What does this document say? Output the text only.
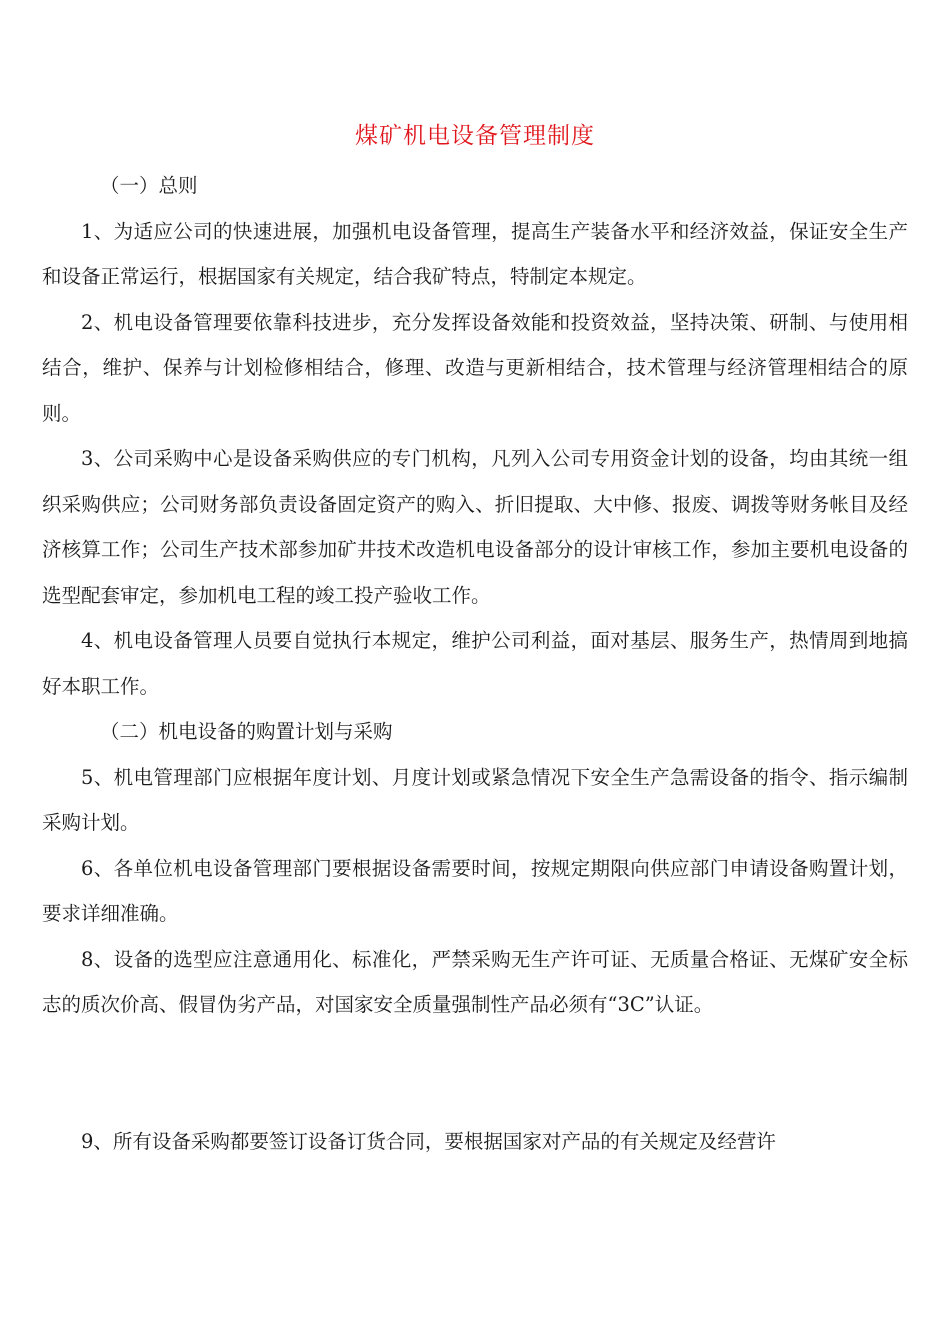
煤矿机电设备管理制度

（一）总则

1、为适应公司的快速进展，加强机电设备管理，提高生产装备水平和经济效益，保证安全生产和设备正常运行，根据国家有关规定，结合我矿特点，特制定本规定。

2、机电设备管理要依靠科技进步，充分发挥设备效能和投资效益，坚持决策、研制、与使用相结合，维护、保养与计划检修相结合，修理、改造与更新相结合，技术管理与经济管理相结合的原则。

3、公司采购中心是设备采购供应的专门机构，凡列入公司专用资金计划的设备，均由其统一组织采购供应；公司财务部负责设备固定资产的购入、折旧提取、大中修、报废、调拨等财务帐目及经济核算工作；公司生产技术部参加矿井技术改造机电设备部分的设计审核工作，参加主要机电设备的选型配套审定，参加机电工程的竣工投产验收工作。

4、机电设备管理人员要自觉执行本规定，维护公司利益，面对基层、服务生产，热情周到地搞好本职工作。

（二）机电设备的购置计划与采购

5、机电管理部门应根据年度计划、月度计划或紧急情况下安全生产急需设备的指令、指示编制采购计划。

6、各单位机电设备管理部门要根据设备需要时间，按规定期限向供应部门申请设备购置计划，要求详细准确。

8、设备的选型应注意通用化、标准化，严禁采购无生产许可证、无质量合格证、无煤矿安全标志的质次价高、假冒伪劣产品，对国家安全质量强制性产品必须有“3C”认证。

9、所有设备采购都要签订设备订货合同，要根据国家对产品的有关规定及经营许
